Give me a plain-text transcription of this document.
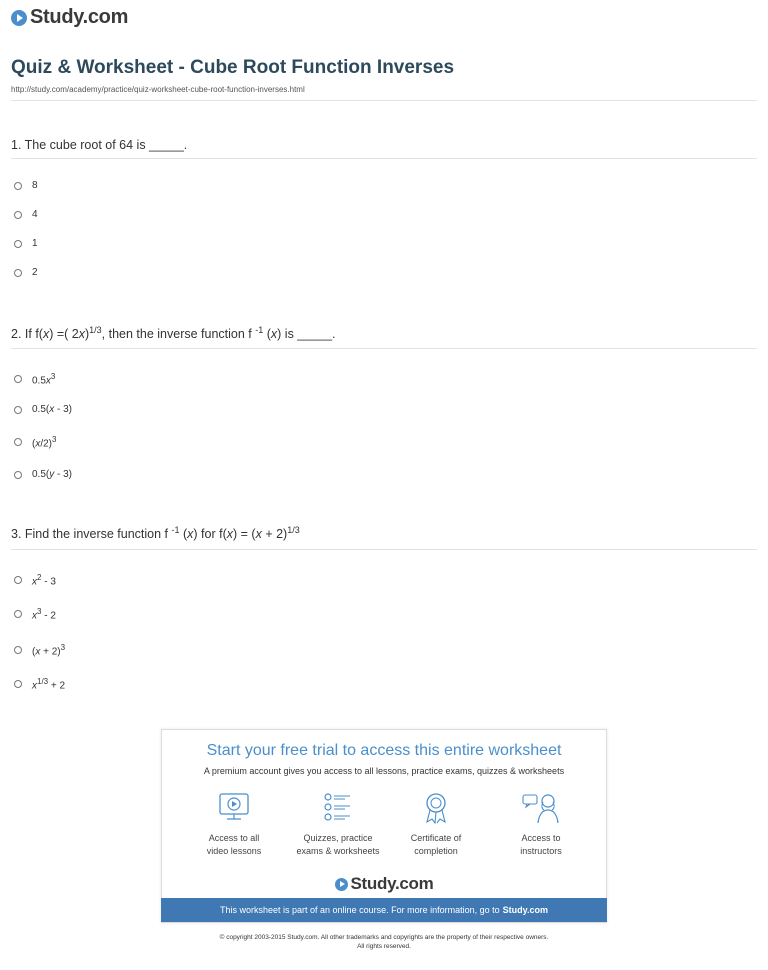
Study.com
Quiz & Worksheet - Cube Root Function Inverses
http://study.com/academy/practice/quiz-worksheet-cube-root-function-inverses.html
1. The cube root of 64 is _____.
8
4
1
2
2. If f(x) =( 2x)$^{1/3}$, then the inverse function f $^{-1}$ (x) is _____.
$0.5x^3$
0.5(x - 3)
$(x/2)^3$
0.5(y - 3)
3. Find the inverse function f $^{-1}$ (x) for $f(x) = (x + 2)^{1/3}$
$x^2 - 3$
$x^3 - 2$
$(x + 2)^3$
$x^{1/3} + 2$
Start your free trial to access this entire worksheet
A premium account gives you access to all lessons, practice exams, quizzes & worksheets
Access to all
video lessons
Quizzes, practice
exams & worksheets
Certificate of
completion
Access to
instructors
Study.com
This worksheet is part of an online course. For more information, go to Study.com
© copyright 2003-2015 Study.com. All other trademarks and copyrights are the property of their respective owners.
All rights reserved.
